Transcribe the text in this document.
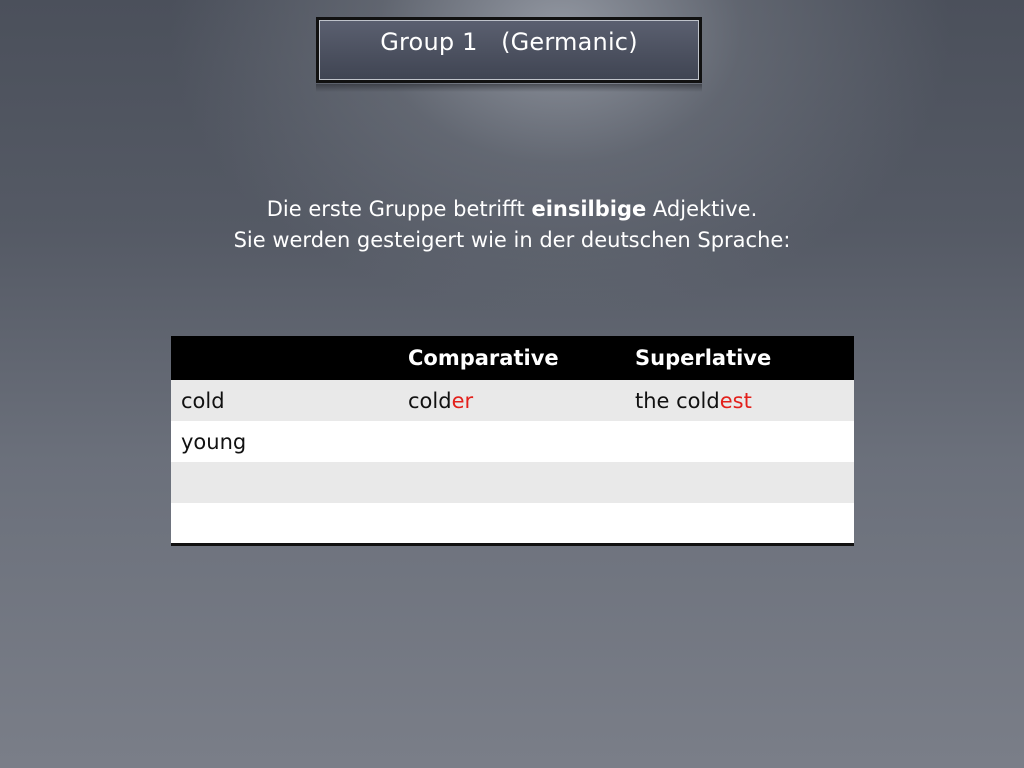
Group 1   (Germanic)

Die erste Gruppe betrifft einsilbige Adjektive.

Sie werden gesteigert wie in der deutschen Sprache:

	Comparative	Superlative
cold	colder	the coldest
young		
